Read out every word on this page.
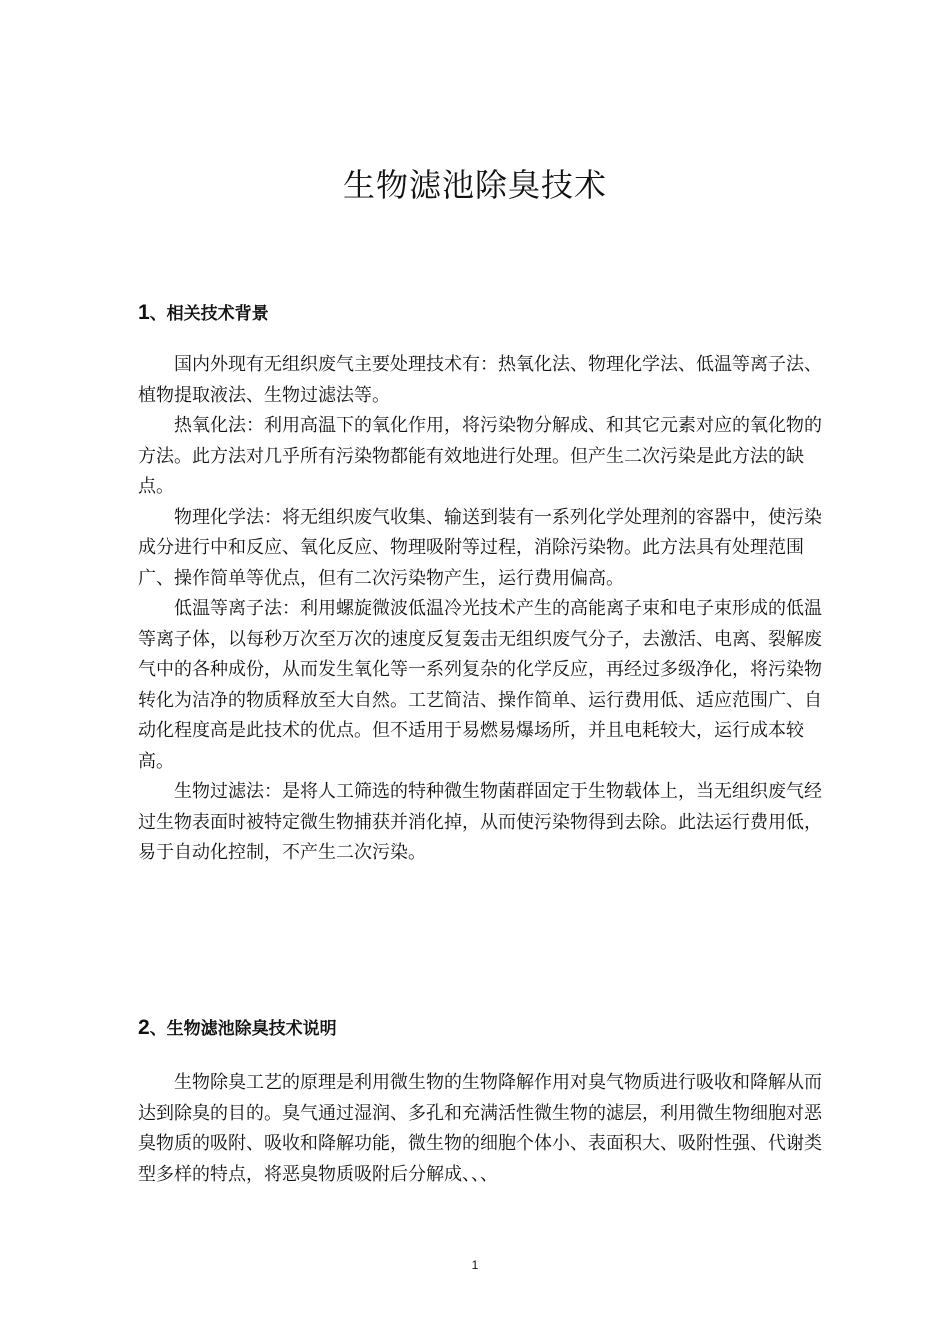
生物滤池除臭技术
1、相关技术背景

国内外现有无组织废气主要处理技术有：热氧化法、物理化学法、低温等离子法、植物提取液法、生物过滤法等。

热氧化法：利用高温下的氧化作用，将污染物分解成、和其它元素对应的氧化物的方法。此方法对几乎所有污染物都能有效地进行处理。但产生二次污染是此方法的缺点。

物理化学法：将无组织废气收集、输送到装有一系列化学处理剂的容器中，使污染成分进行中和反应、氧化反应、物理吸附等过程，消除污染物。此方法具有处理范围广、操作简单等优点，但有二次污染物产生，运行费用偏高。

低温等离子法：利用螺旋微波低温冷光技术产生的高能离子束和电子束形成的低温等离子体，以每秒万次至万次的速度反复轰击无组织废气分子，去激活、电离、裂解废气中的各种成份，从而发生氧化等一系列复杂的化学反应，再经过多级净化，将污染物转化为洁净的物质释放至大自然。工艺简洁、操作简单、运行费用低、适应范围广、自动化程度高是此技术的优点。但不适用于易燃易爆场所，并且电耗较大，运行成本较高。

生物过滤法：是将人工筛选的特种微生物菌群固定于生物载体上，当无组织废气经过生物表面时被特定微生物捕获并消化掉，从而使污染物得到去除。此法运行费用低，易于自动化控制，不产生二次污染。

2、生物滤池除臭技术说明

生物除臭工艺的原理是利用微生物的生物降解作用对臭气物质进行吸收和降解从而达到除臭的目的。臭气通过湿润、多孔和充满活性微生物的滤层，利用微生物细胞对恶臭物质的吸附、吸收和降解功能，微生物的细胞个体小、表面积大、吸附性强、代谢类型多样的特点，将恶臭物质吸附后分解成、、、

1
